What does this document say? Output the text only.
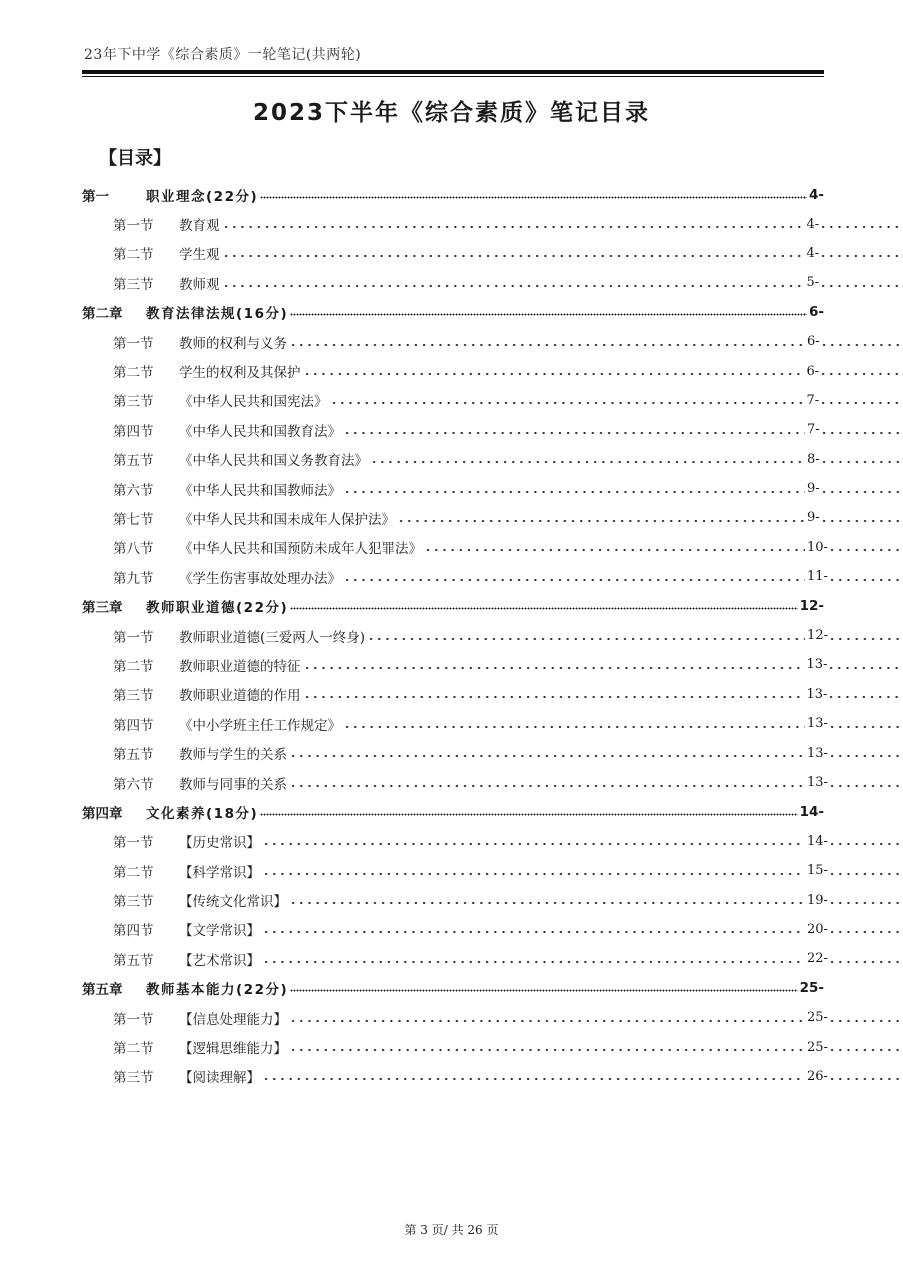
23年下中学《综合素质》一轮笔记(共两轮)
2023下半年《综合素质》笔记目录
【目录】
第一	职业理念(22分)	4-
第一节	教育观	4-
第二节	学生观	4-
第三节	教师观	5-
第二章	教育法律法规(16分)	6-
第一节	教师的权利与义务	6-
第二节	学生的权利及其保护	6-
第三节	《中华人民共和国宪法》	7-
第四节	《中华人民共和国教育法》	7-
第五节	《中华人民共和国义务教育法》	8-
第六节	《中华人民共和国教师法》	9-
第七节	《中华人民共和国未成年人保护法》	9-
第八节	《中华人民共和国预防未成年人犯罪法》	10-
第九节	《学生伤害事故处理办法》	11-
第三章	教师职业道德(22分)	12-
第一节	教师职业道德(三爱两人一终身)	12-
第二节	教师职业道德的特征	13-
第三节	教师职业道德的作用	13-
第四节	《中小学班主任工作规定》	13-
第五节	教师与学生的关系	13-
第六节	教师与同事的关系	13-
第四章	文化素养(18分)	14-
第一节	【历史常识】	14-
第二节	【科学常识】	15-
第三节	【传统文化常识】	19-
第四节	【文学常识】	20-
第五节	【艺术常识】	22-
第五章	教师基本能力(22分)	25-
第一节	【信息处理能力】	25-
第二节	【逻辑思维能力】	25-
第三节	【阅读理解】	26-
第 3 页/ 共 26 页
